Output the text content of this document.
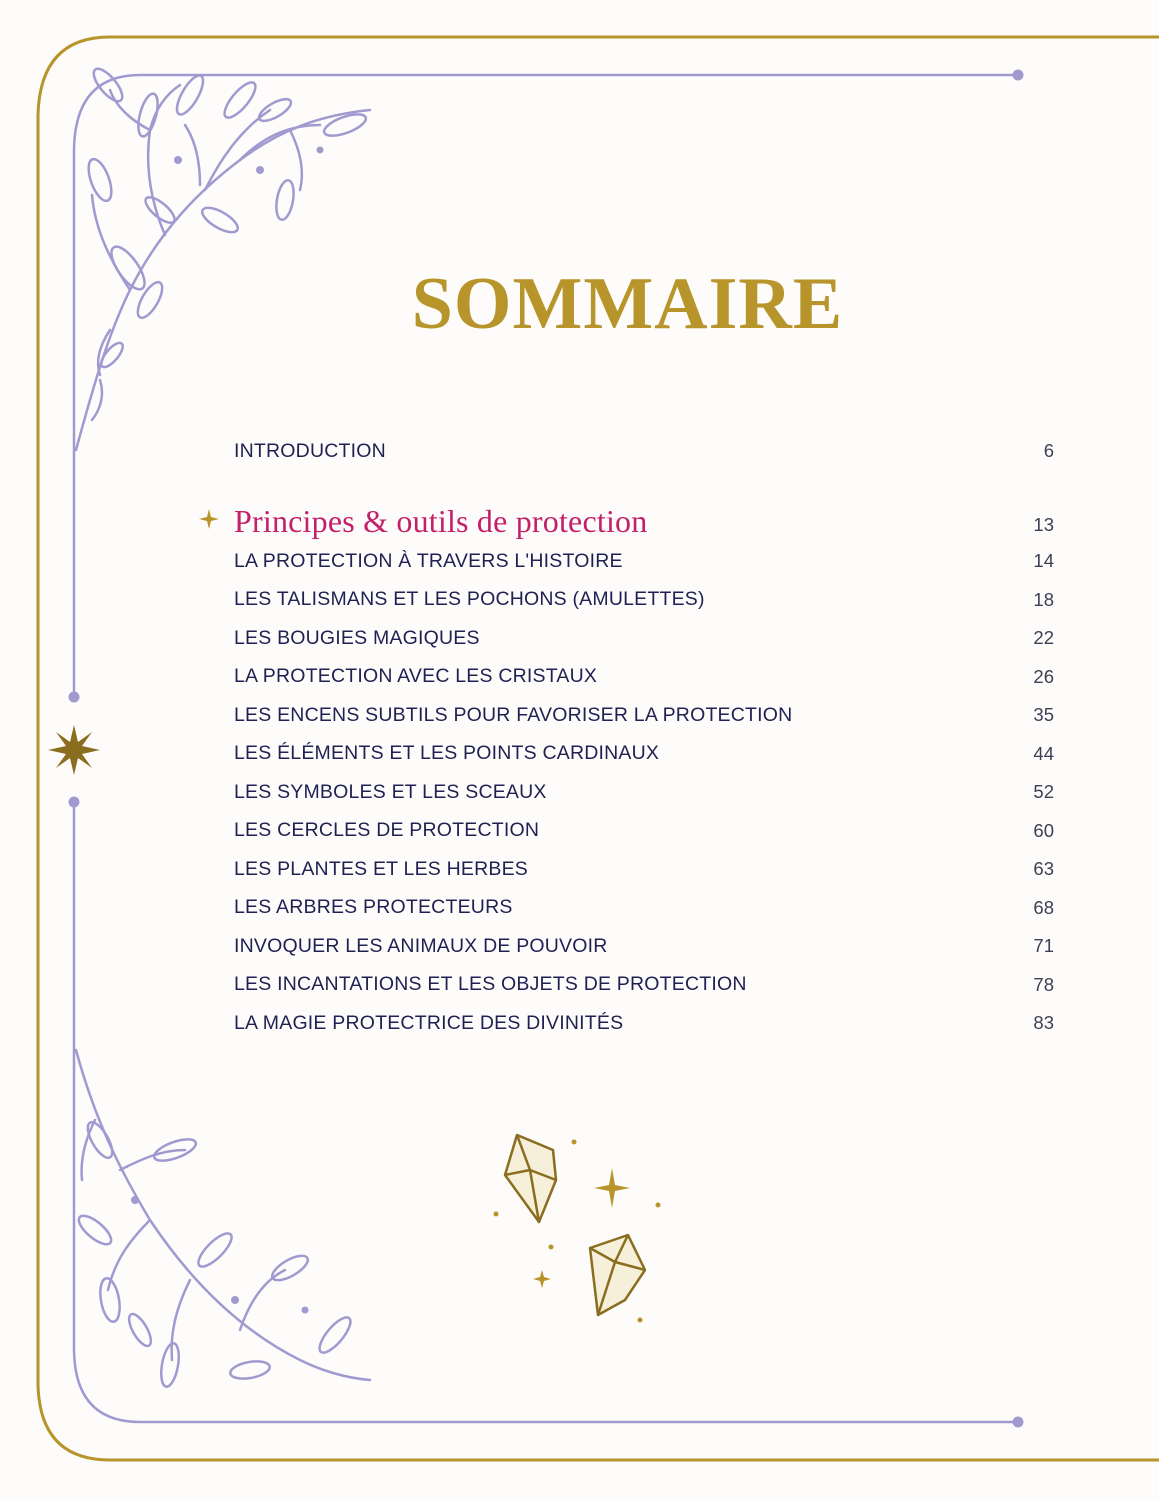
SOMMAIRE
INTRODUCTION	6
Principes & outils de protection	13
LA PROTECTION À TRAVERS L'HISTOIRE	14
LES TALISMANS ET LES POCHONS (AMULETTES)	18
LES BOUGIES MAGIQUES	22
LA PROTECTION AVEC LES CRISTAUX	26
LES ENCENS SUBTILS POUR FAVORISER LA PROTECTION	35
LES ÉLÉMENTS ET LES POINTS CARDINAUX	44
LES SYMBOLES ET LES SCEAUX	52
LES CERCLES DE PROTECTION	60
LES PLANTES ET LES HERBES	63
LES ARBRES PROTECTEURS	68
INVOQUER LES ANIMAUX DE POUVOIR	71
LES INCANTATIONS ET LES OBJETS DE PROTECTION	78
LA MAGIE PROTECTRICE DES DIVINITÉS	83
